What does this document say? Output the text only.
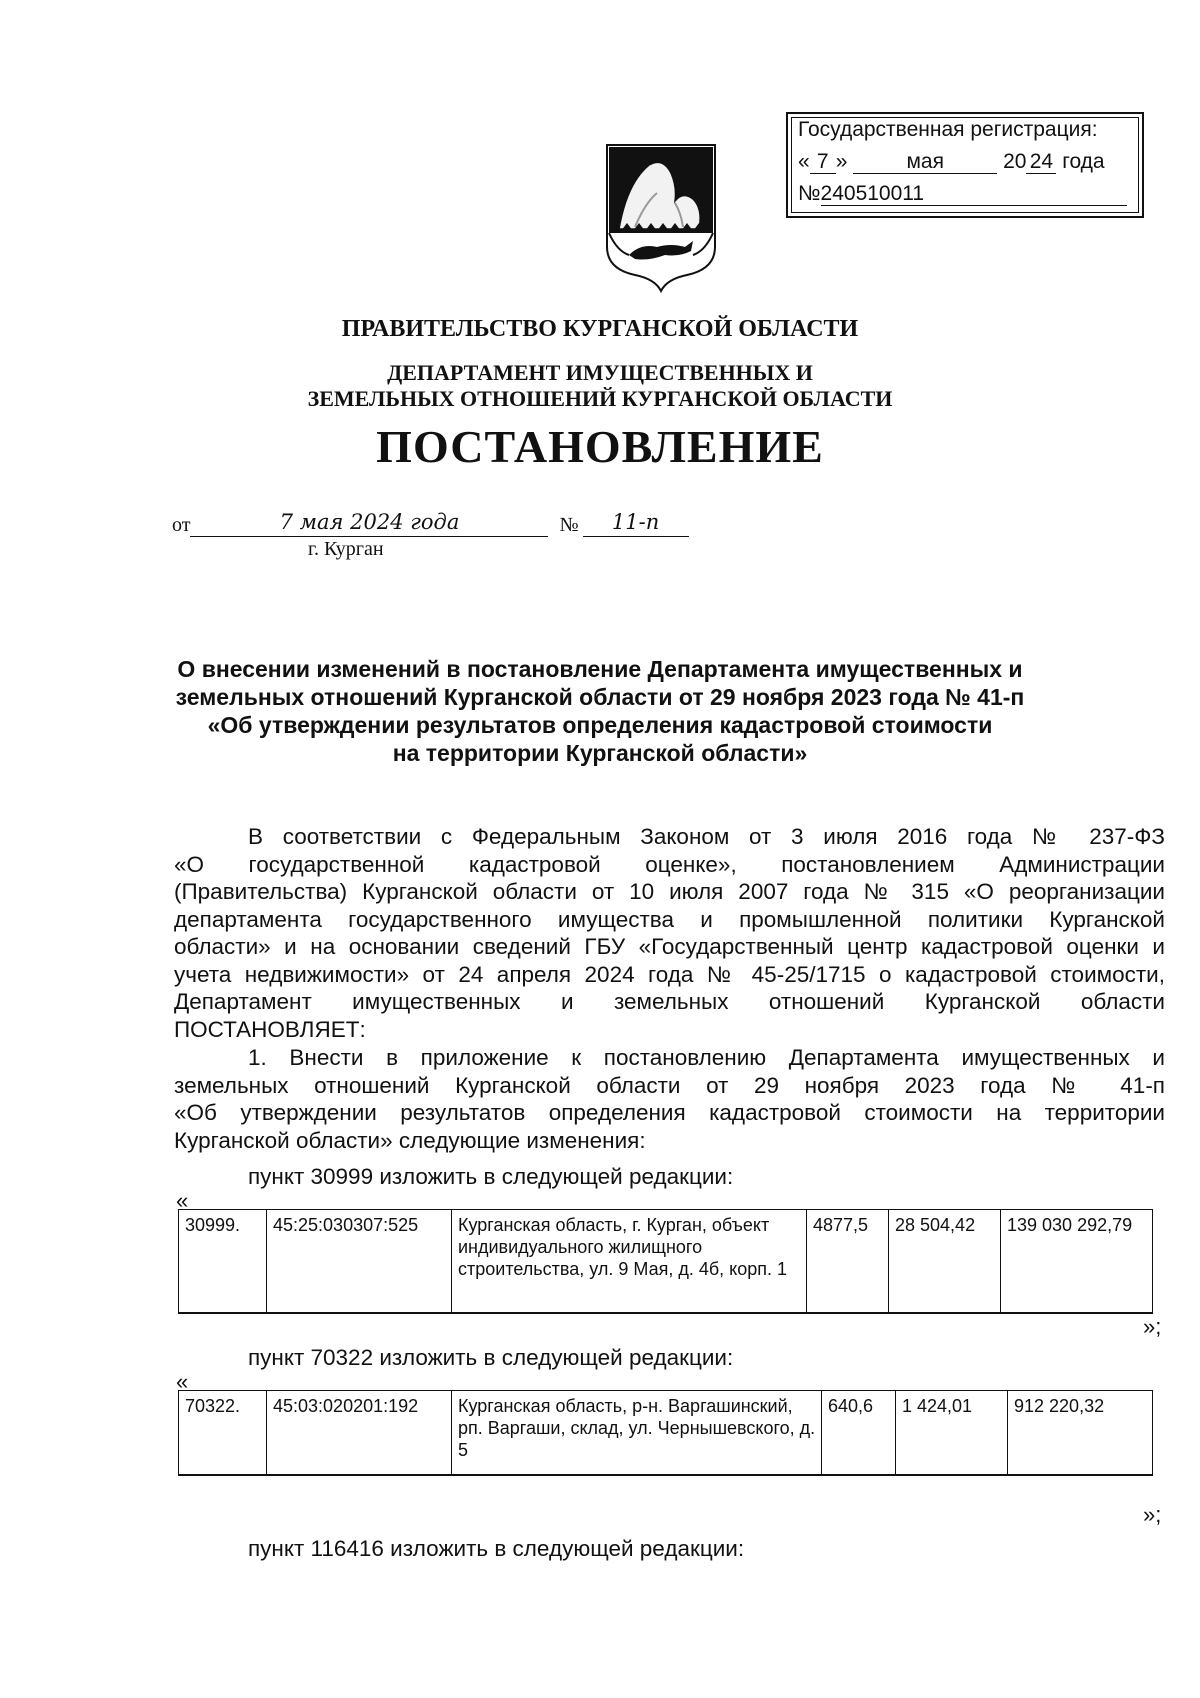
Государственная регистрация:
« 7 »	мая	20 24 года
№240510011
ПРАВИТЕЛЬСТВО КУРГАНСКОЙ ОБЛАСТИ
ДЕПАРТАМЕНТ ИМУЩЕСТВЕННЫХ И
ЗЕМЕЛЬНЫХ ОТНОШЕНИЙ КУРГАНСКОЙ ОБЛАСТИ
ПОСТАНОВЛЕНИЕ
от	7 мая 2024 года	№	11-п
г. Курган
О внесении изменений в постановление Департамента имущественных и
земельных отношений Курганской области от 29 ноября 2023 года № 41-п
«Об утверждении результатов определения кадастровой стоимости
на территории Курганской области»
В соответствии с Федеральным Законом от 3 июля 2016 года № 237-ФЗ
«О государственной кадастровой оценке», постановлением Администрации
(Правительства) Курганской области от 10 июля 2007 года № 315 «О реорганизации
департамента государственного имущества и промышленной политики Курганской
области» и на основании сведений ГБУ «Государственный центр кадастровой оценки и
учета недвижимости» от 24 апреля 2024 года № 45-25/1715 о кадастровой стоимости,
Департамент имущественных и земельных отношений Курганской области
ПОСТАНОВЛЯЕТ:
1. Внести в приложение к постановлению Департамента имущественных и
земельных отношений Курганской области от 29 ноября 2023 года № 41-п
«Об утверждении результатов определения кадастровой стоимости на территории
Курганской области» следующие изменения:
пункт 30999 изложить в следующей редакции:
«
30999.	45:25:030307:525	Курганская область, г. Курган, объект индивидуального жилищного строительства, ул. 9 Мая, д. 4б, корп. 1	4877,5	28 504,42	139 030 292,79
»;
пункт 70322 изложить в следующей редакции:
«
70322.	45:03:020201:192	Курганская область, р-н. Варгашинский, рп. Варгаши, склад, ул. Чернышевского, д. 5	640,6	1 424,01	912 220,32
»;
пункт 116416 изложить в следующей редакции:
